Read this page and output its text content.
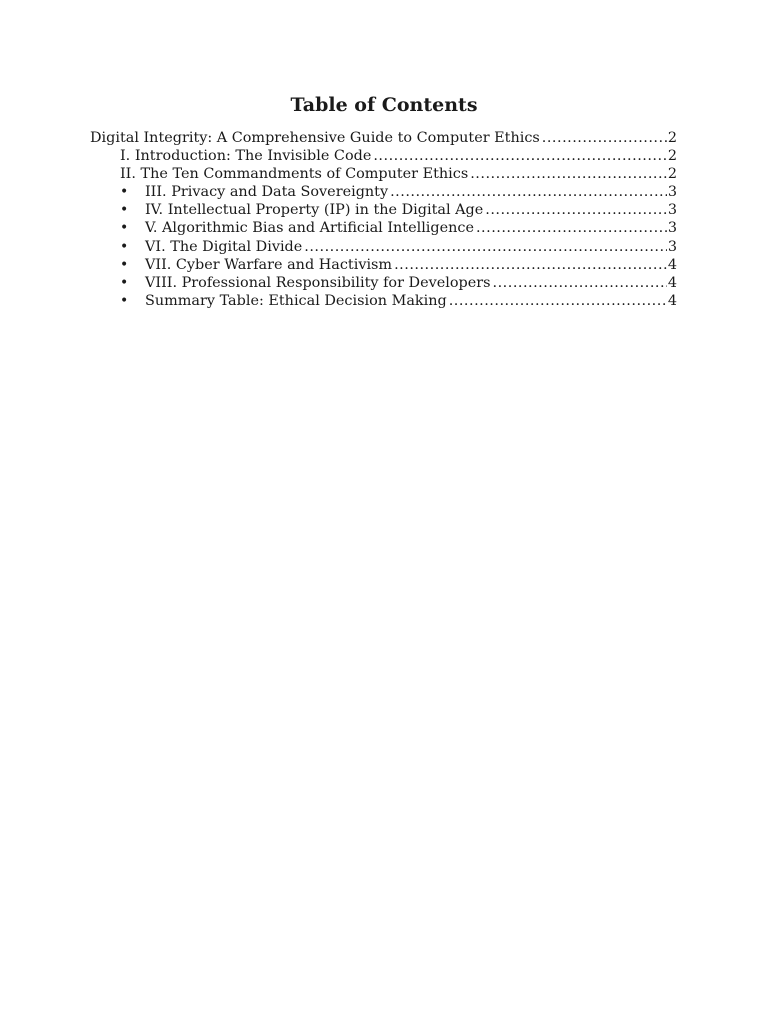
Table of Contents
Digital Integrity: A Comprehensive Guide to Computer Ethics .....	2
I. Introduction: The Invisible Code .....	2
II. The Ten Commandments of Computer Ethics .....	2
•	III. Privacy and Data Sovereignty .....	3
•	IV. Intellectual Property (IP) in the Digital Age .....	3
•	V. Algorithmic Bias and Artificial Intelligence .....	3
•	VI. The Digital Divide .....	3
•	VII. Cyber Warfare and Hactivism .....	4
•	VIII. Professional Responsibility for Developers .....	4
•	Summary Table: Ethical Decision Making .....	4
